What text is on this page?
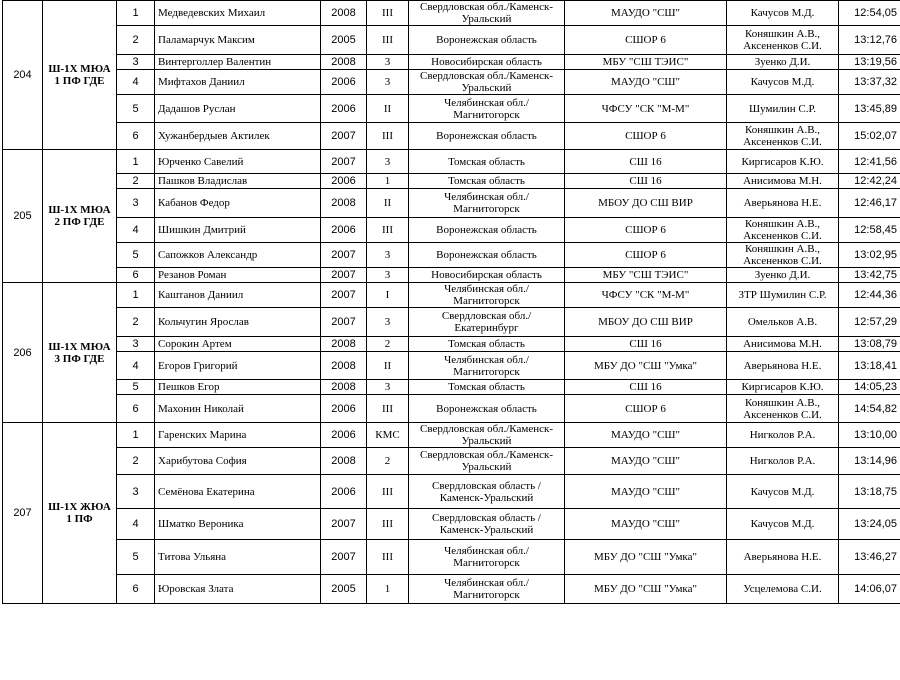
204	Ш-1Х МЮА 1 ПФ ГДЕ	1	Медведевских Михаил	2008	III	Свердловская обл./Каменск-Уральский	МАУДО "СШ"	Качусов М.Д.	12:54,05
		2	Паламарчук Максим	2005	III	Воронежская область	СШОР 6	Коняшкин А.В., Аксененков С.И.	13:12,76
		3	Винтерголлер Валентин	2008	3	Новосибирская область	МБУ "СШ ТЭИС"	Зуенко Д.И.	13:19,56
		4	Мифтахов Даниил	2006	3	Свердловская обл./Каменск-Уральский	МАУДО "СШ"	Качусов М.Д.	13:37,32
		5	Дадашов Руслан	2006	II	Челябинская обл./Магнитогорск	ЧФСУ "СК "М-М"	Шумилин С.Р.	13:45,89
		6	Хужанбердыев Актилек	2007	III	Воронежская область	СШОР 6	Коняшкин А.В., Аксененков С.И.	15:02,07
205	Ш-1Х МЮА 2 ПФ ГДЕ	1	Юрченко Савелий	2007	3	Томская область	СШ 16	Киргисаров К.Ю.	12:41,56
		2	Пашков Владислав	2006	1	Томская область	СШ 16	Анисимова М.Н.	12:42,24
		3	Кабанов Федор	2008	II	Челябинская обл./Магнитогорск	МБОУ ДО СШ ВИР	Аверьянова Н.Е.	12:46,17
		4	Шишкин Дмитрий	2006	III	Воронежская область	СШОР 6	Коняшкин А.В., Аксененков С.И.	12:58,45
		5	Сапожков Александр	2007	3	Воронежская область	СШОР 6	Коняшкин А.В., Аксененков С.И.	13:02,95
		6	Резанов Роман	2007	3	Новосибирская область	МБУ "СШ ТЭИС"	Зуенко Д.И.	13:42,75
206	Ш-1Х МЮА 3 ПФ ГДЕ	1	Каштанов Даниил	2007	I	Челябинская обл./Магнитогорск	ЧФСУ "СК "М-М"	ЗТР Шумилин С.Р.	12:44,36
		2	Кольчугин Ярослав	2007	3	Свердловская обл./Екатеринбург	МБОУ ДО СШ ВИР	Омельков А.В.	12:57,29
		3	Сорокин Артем	2008	2	Томская область	СШ 16	Анисимова М.Н.	13:08,79
		4	Егоров Григорий	2008	II	Челябинская обл./Магнитогорск	МБУ ДО "СШ "Умка"	Аверьянова Н.Е.	13:18,41
		5	Пешков Егор	2008	3	Томская область	СШ 16	Киргисаров К.Ю.	14:05,23
		6	Махонин Николай	2006	III	Воронежская область	СШОР 6	Коняшкин А.В., Аксененков С.И.	14:54,82
207	Ш-1Х ЖЮА 1 ПФ	1	Гаренских Марина	2006	КМС	Свердловская обл./Каменск-Уральский	МАУДО "СШ"	Нигколов Р.А.	13:10,00
		2	Харибутова София	2008	2	Свердловская обл./Каменск-Уральский	МАУДО "СШ"	Нигколов Р.А.	13:14,96
		3	Семёнова Екатерина	2006	III	Свердловская область /Каменск-Уральский	МАУДО "СШ"	Качусов М.Д.	13:18,75
		4	Шматко Вероника	2007	III	Свердловская область /Каменск-Уральский	МАУДО "СШ"	Качусов М.Д.	13:24,05
		5	Титова Ульяна	2007	III	Челябинская обл./Магнитогорск	МБУ ДО "СШ "Умка"	Аверьянова Н.Е.	13:46,27
		6	Юровская Злата	2005	1	Челябинская обл./Магнитогорск	МБУ ДО "СШ "Умка"	Усцелемова С.И.	14:06,07
